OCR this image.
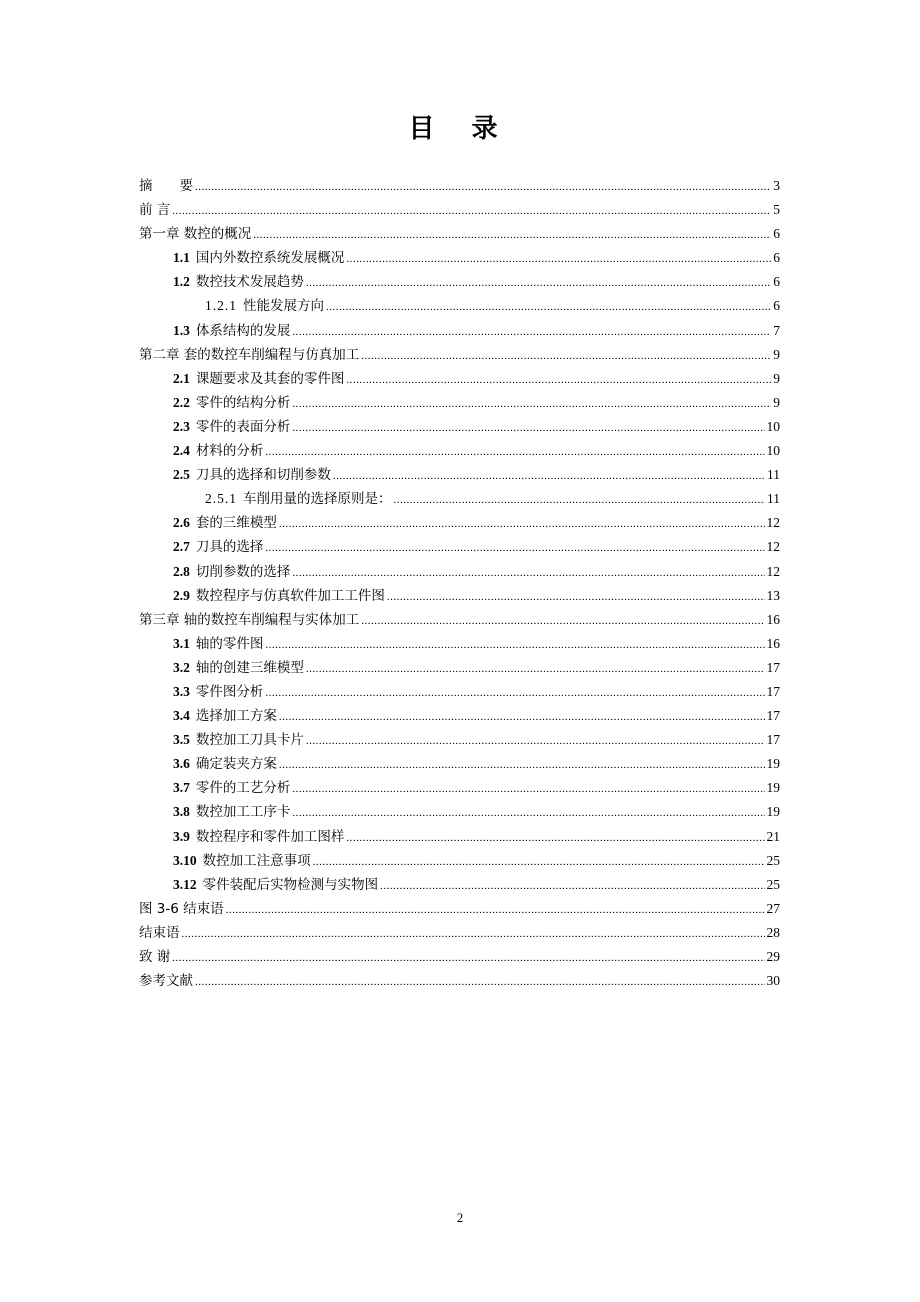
目 录
摘　　要 .....	3
前 言 .....	5
第一章 数控的概况 .....	6
1.1 国内外数控系统发展概况 .....	6
1.2 数控技术发展趋势 .....	6
1.2.1 性能发展方向 .....	6
1.3 体系结构的发展 .....	7
第二章 套的数控车削编程与仿真加工 .....	9
2.1 课题要求及其套的零件图 .....	9
2.2 零件的结构分析 .....	9
2.3 零件的表面分析 .....	10
2.4 材料的分析 .....	10
2.5 刀具的选择和切削参数 .....	11
2.5.1 车削用量的选择原则是： .....	11
2.6 套的三维模型 .....	12
2.7 刀具的选择 .....	12
2.8 切削参数的选择 .....	12
2.9 数控程序与仿真软件加工工件图 .....	13
第三章 轴的数控车削编程与实体加工 .....	16
3.1 轴的零件图 .....	16
3.2 轴的创建三维模型 .....	17
3.3 零件图分析 .....	17
3.4 选择加工方案 .....	17
3.5 数控加工刀具卡片 .....	17
3.6 确定装夹方案 .....	19
3.7 零件的工艺分析 .....	19
3.8 数控加工工序卡 .....	19
3.9 数控程序和零件加工图样 .....	21
3.10 数控加工注意事项 .....	25
3.12 零件装配后实物检测与实物图 .....	25
图 3-6 结束语 .....	27
结束语 .....	28
致 谢 .....	29
参考文献 .....	30
2
